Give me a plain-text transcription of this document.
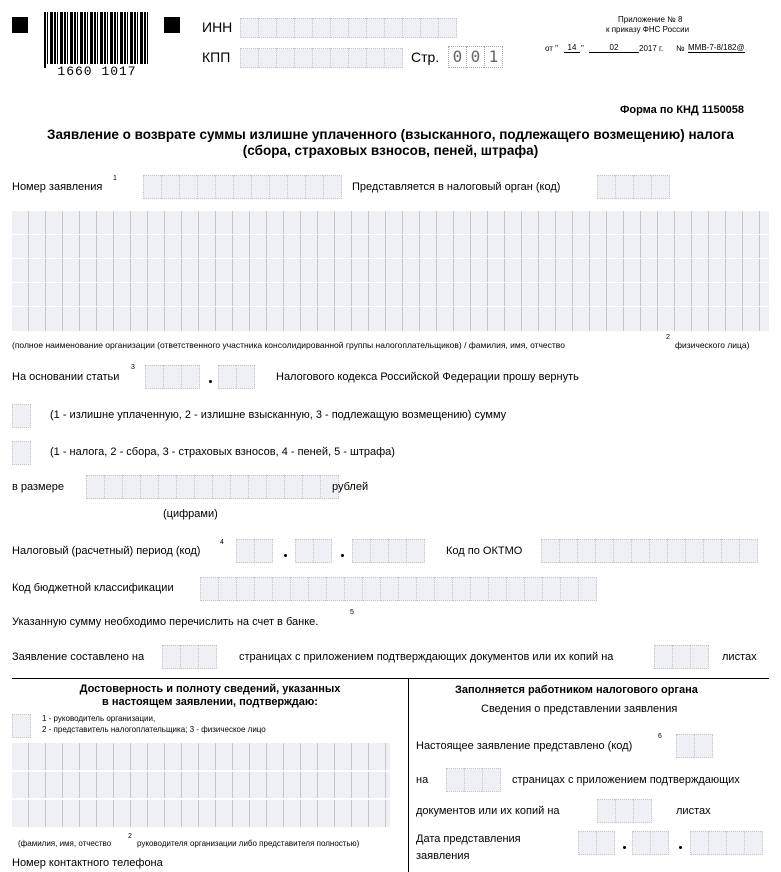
1660 1017
ИНН
КПП	Стр. 0 0 1
Приложение № 8
к приказу ФНС России
от "	14 "	02	2017 г. № ММВ-7-8/182@
Форма по КНД 1150058
Заявление о возврате суммы излишне уплаченного (взысканного, подлежащего возмещению) налога
(сбора, страховых взносов, пеней, штрафа)
Номер заявления
1
Представляется в налоговый орган (код)
(полное наименование организации (ответственного участника консолидированной группы налогоплательщиков) / фамилия, имя, отчество
2
физического лица)
На основании статьи
3
Налогового кодекса Российской Федерации прошу вернуть
(1 - излишне уплаченную, 2 - излишне взысканную, 3 - подлежащую возмещению) сумму
(1 - налога, 2 - сбора, 3 - страховых взносов, 4 - пеней, 5 - штрафа)
в размере	рублей
(цифрами)
Налоговый (расчетный) период (код)
4
Код по ОКТМО
Код бюджетной классификации
Указанную сумму необходимо перечислить на счет в банке.
5
Заявление составлено на	страницах с приложением подтверждающих документов или их копий на	листах
Достоверность и полноту сведений, указанных
в настоящем заявлении, подтверждаю:
1 - руководитель организации,
2 - представитель налогоплательщика; 3 - физическое лицо
(фамилия, имя, отчество
2
руководителя организации либо представителя полностью)
Номер контактного телефона
Заполняется работником налогового органа
Сведения о представлении заявления
Настоящее заявление представлено (код)
6
на	страницах с приложением подтверждающих
документов или их копий на	листах
Дата представления
заявления
